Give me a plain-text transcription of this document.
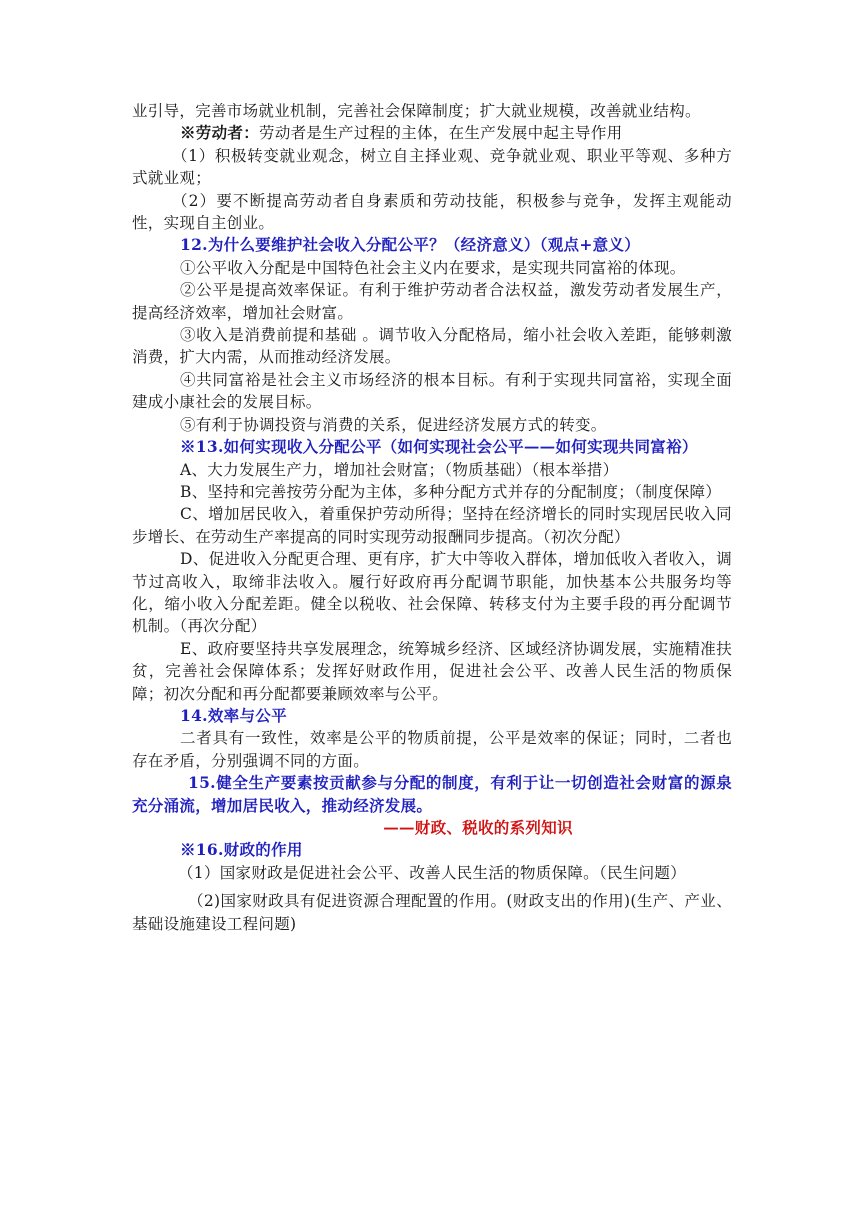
业引导，完善市场就业机制，完善社会保障制度；扩大就业规模，改善就业结构。

※劳动者：劳动者是生产过程的主体，在生产发展中起主导作用

（1）积极转变就业观念，树立自主择业观、竞争就业观、职业平等观、多种方式就业观；

（2）要不断提高劳动者自身素质和劳动技能，积极参与竞争，发挥主观能动性，实现自主创业。

12.为什么要维护社会收入分配公平？（经济意义）（观点+意义）

①公平收入分配是中国特色社会主义内在要求，是实现共同富裕的体现。

②公平是提高效率保证。有利于维护劳动者合法权益，激发劳动者发展生产，提高经济效率，增加社会财富。

③收入是消费前提和基础 。调节收入分配格局，缩小社会收入差距，能够刺激消费，扩大内需，从而推动经济发展。

④共同富裕是社会主义市场经济的根本目标。有利于实现共同富裕，实现全面建成小康社会的发展目标。

⑤有利于协调投资与消费的关系，促进经济发展方式的转变。

※13.如何实现收入分配公平（如何实现社会公平——如何实现共同富裕）

A、大力发展生产力，增加社会财富；（物质基础）（根本举措）

B、坚持和完善按劳分配为主体，多种分配方式并存的分配制度；（制度保障）

C、增加居民收入，着重保护劳动所得；坚持在经济增长的同时实现居民收入同步增长、在劳动生产率提高的同时实现劳动报酬同步提高。（初次分配）

D、促进收入分配更合理、更有序，扩大中等收入群体，增加低收入者收入，调节过高收入，取缔非法收入。履行好政府再分配调节职能，加快基本公共服务均等化，缩小收入分配差距。健全以税收、社会保障、转移支付为主要手段的再分配调节机制。（再次分配）

E、政府要坚持共享发展理念，统筹城乡经济、区域经济协调发展，实施精准扶贫，完善社会保障体系；发挥好财政作用，促进社会公平、改善人民生活的物质保障；初次分配和再分配都要兼顾效率与公平。

14.效率与公平

二者具有一致性，效率是公平的物质前提，公平是效率的保证；同时，二者也存在矛盾，分别强调不同的方面。

15.健全生产要素按贡献参与分配的制度，有利于让一切创造社会财富的源泉充分涌流，增加居民收入，推动经济发展。

——财政、税收的系列知识

※16.财政的作用

（1）国家财政是促进社会公平、改善人民生活的物质保障。（民生问题）

（2)国家财政具有促进资源合理配置的作用。(财政支出的作用)(生产、产业、基础设施建设工程问题)
